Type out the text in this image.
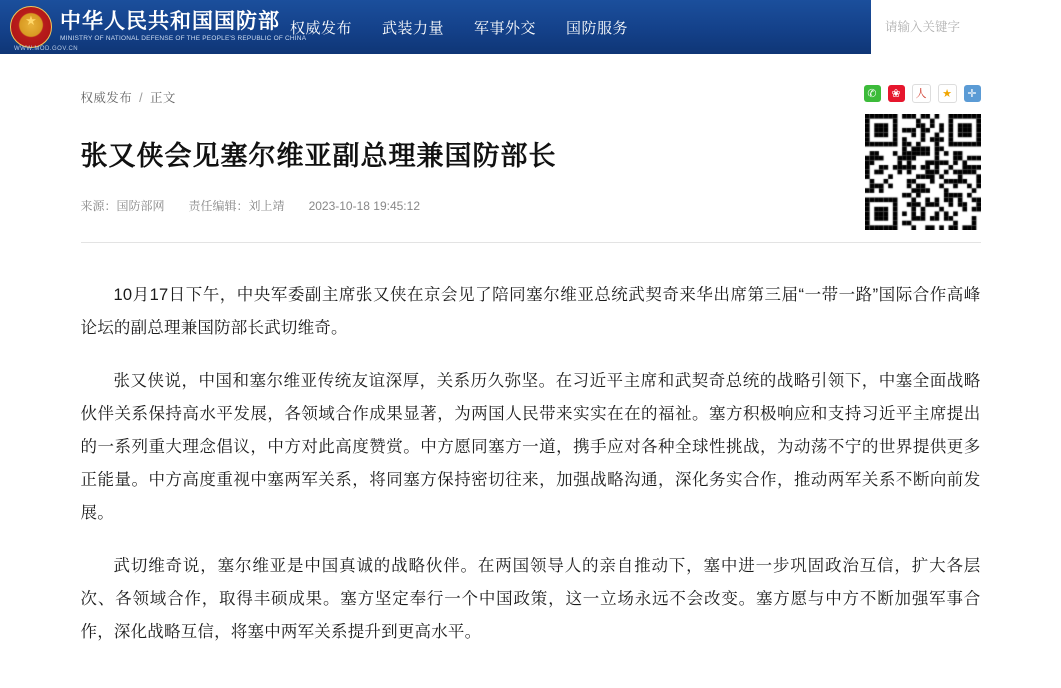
★
中华人民共和国国防部
MINISTRY OF NATIONAL DEFENSE OF THE PEOPLE'S REPUBLIC OF CHINA
WWW.MOD.GOV.CN
权威发布 武装力量 军事外交 国防服务
请输入关键字
权威发布 / 正文	✆	❀	人	★	✛
张又侠会见塞尔维亚副总理兼国防部长
来源：国防部网 责任编辑：刘上靖 2023-10-18 19:45:12

10月17日下午，中央军委副主席张又侠在京会见了陪同塞尔维亚总统武契奇来华出席第三届“一带一路”国际合作高峰论坛的副总理兼国防部长武切维奇。

张又侠说，中国和塞尔维亚传统友谊深厚，关系历久弥坚。在习近平主席和武契奇总统的战略引领下，中塞全面战略伙伴关系保持高水平发展，各领域合作成果显著，为两国人民带来实实在在的福祉。塞方积极响应和支持习近平主席提出的一系列重大理念倡议，中方对此高度赞赏。中方愿同塞方一道，携手应对各种全球性挑战，为动荡不宁的世界提供更多正能量。中方高度重视中塞两军关系，将同塞方保持密切往来，加强战略沟通，深化务实合作，推动两军关系不断向前发展。

武切维奇说，塞尔维亚是中国真诚的战略伙伴。在两国领导人的亲自推动下，塞中进一步巩固政治互信，扩大各层次、各领域合作，取得丰硕成果。塞方坚定奉行一个中国政策，这一立场永远不会改变。塞方愿与中方不断加强军事合作，深化战略互信，将塞中两军关系提升到更高水平。
